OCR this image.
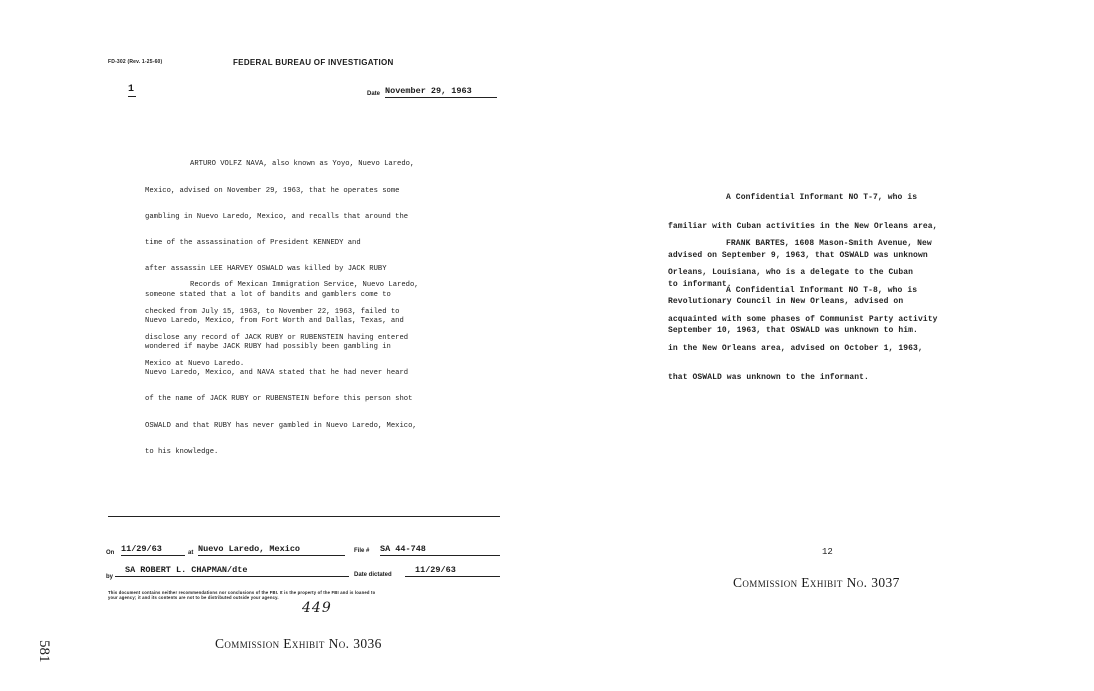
FD-302 (Rev. 1-25-60)	FEDERAL BUREAU OF INVESTIGATION
1	Date November 29, 1963

ARTURO VOLFZ NAVA, also known as Yoyo, Nuevo Laredo,

Mexico, advised on November 29, 1963, that he operates some

gambling in Nuevo Laredo, Mexico, and recalls that around the

time of the assassination of President KENNEDY and

after assassin LEE HARVEY OSWALD was killed by JACK RUBY

someone stated that a lot of bandits and gamblers come to

Nuevo Laredo, Mexico, from Fort Worth and Dallas, Texas, and

wondered if maybe JACK RUBY had possibly been gambling in

Nuevo Laredo, Mexico, and NAVA stated that he had never heard

of the name of JACK RUBY or RUBENSTEIN before this person shot

OSWALD and that RUBY has never gambled in Nuevo Laredo, Mexico,

to his knowledge.

Records of Mexican Immigration Service, Nuevo Laredo,

checked from July 15, 1963, to November 22, 1963, failed to

disclose any record of JACK RUBY or RUBENSTEIN having entered

Mexico at Nuevo Laredo.

On 11/29/63	at Nuevo Laredo, Mexico	File # SA 44-748
by
SA ROBERT L. CHAPMAN/dte	Date dictated	11/29/63
This document contains neither recommendations nor conclusions of the FBI. It is the property of the FBI and is loaned to
your agency; it and its contents are not to be distributed outside your agency.
449
Commission Exhibit No. 3036
581

A Confidential Informant NO T-7, who is

familiar with Cuban activities in the New Orleans area,

advised on September 9, 1963, that OSWALD was unknown

to informant.

FRANK BARTES, 1608 Mason-Smith Avenue, New

Orleans, Louisiana, who is a delegate to the Cuban

Revolutionary Council in New Orleans, advised on

September 10, 1963, that OSWALD was unknown to him.

A Confidential Informant NO T-8, who is

acquainted with some phases of Communist Party activity

in the New Orleans area, advised on October 1, 1963,

that OSWALD was unknown to the informant.

12
Commission Exhibit No. 3037
